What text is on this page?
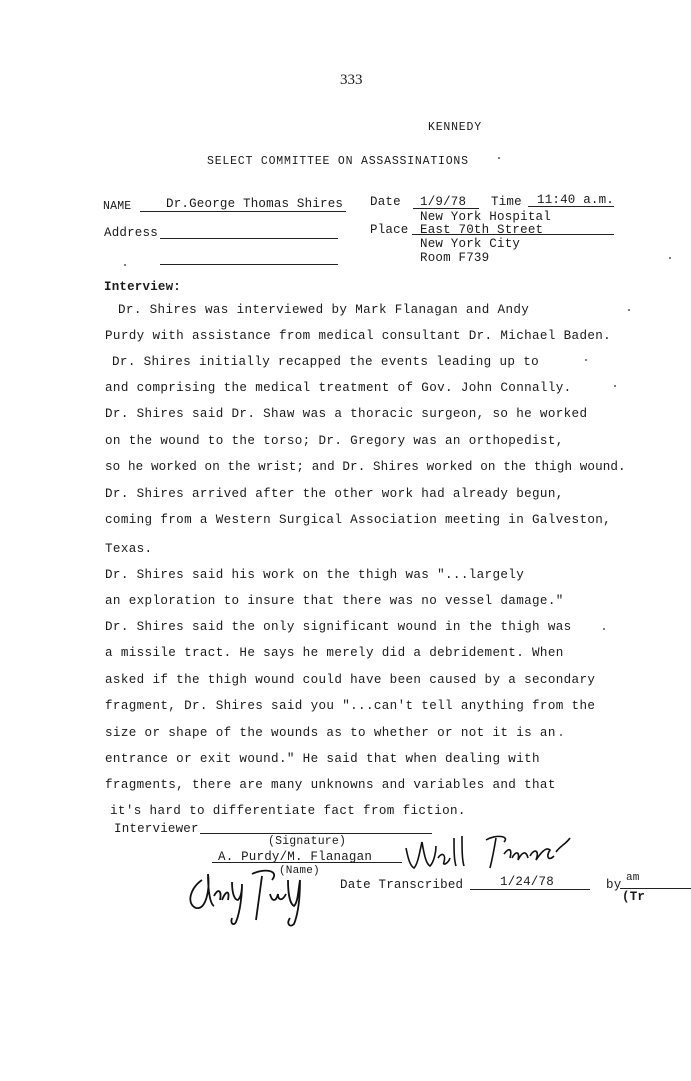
333
KENNEDY
SELECT COMMITTEE ON ASSASSINATIONS
NAME	Dr.George Thomas Shires
Address
Date 1/9/78 Time 11:40 a.m.
New York Hospital
Place East 70th Street
New York City
Room F739
Interview:
Dr. Shires was interviewed by Mark Flanagan and Andy
Purdy with assistance from medical consultant Dr. Michael Baden.
Dr. Shires initially recapped the events leading up to
and comprising the medical treatment of Gov. John Connally.
Dr. Shires said Dr. Shaw was a thoracic surgeon, so he worked
on the wound to the torso; Dr. Gregory was an orthopedist,
so he worked on the wrist; and Dr. Shires worked on the thigh wound.
Dr. Shires arrived after the other work had already begun,
coming from a Western Surgical Association meeting in Galveston,
Texas.
Dr. Shires said his work on the thigh was "...largely
an exploration to insure that there was no vessel damage."
Dr. Shires said the only significant wound in the thigh was
a missile tract. He says he merely did a debridement. When
asked if the thigh wound could have been caused by a secondary
fragment, Dr. Shires said you "...can't tell anything from the
size or shape of the wounds as to whether or not it is an
entrance or exit wound." He said that when dealing with
fragments, there are many unknowns and variables and that
it's hard to differentiate fact from fiction.
Interviewer
(Signature)
A. Purdy/M. Flanagan
(Name)
Date Transcribed	1/24/78	by am
(Tr
